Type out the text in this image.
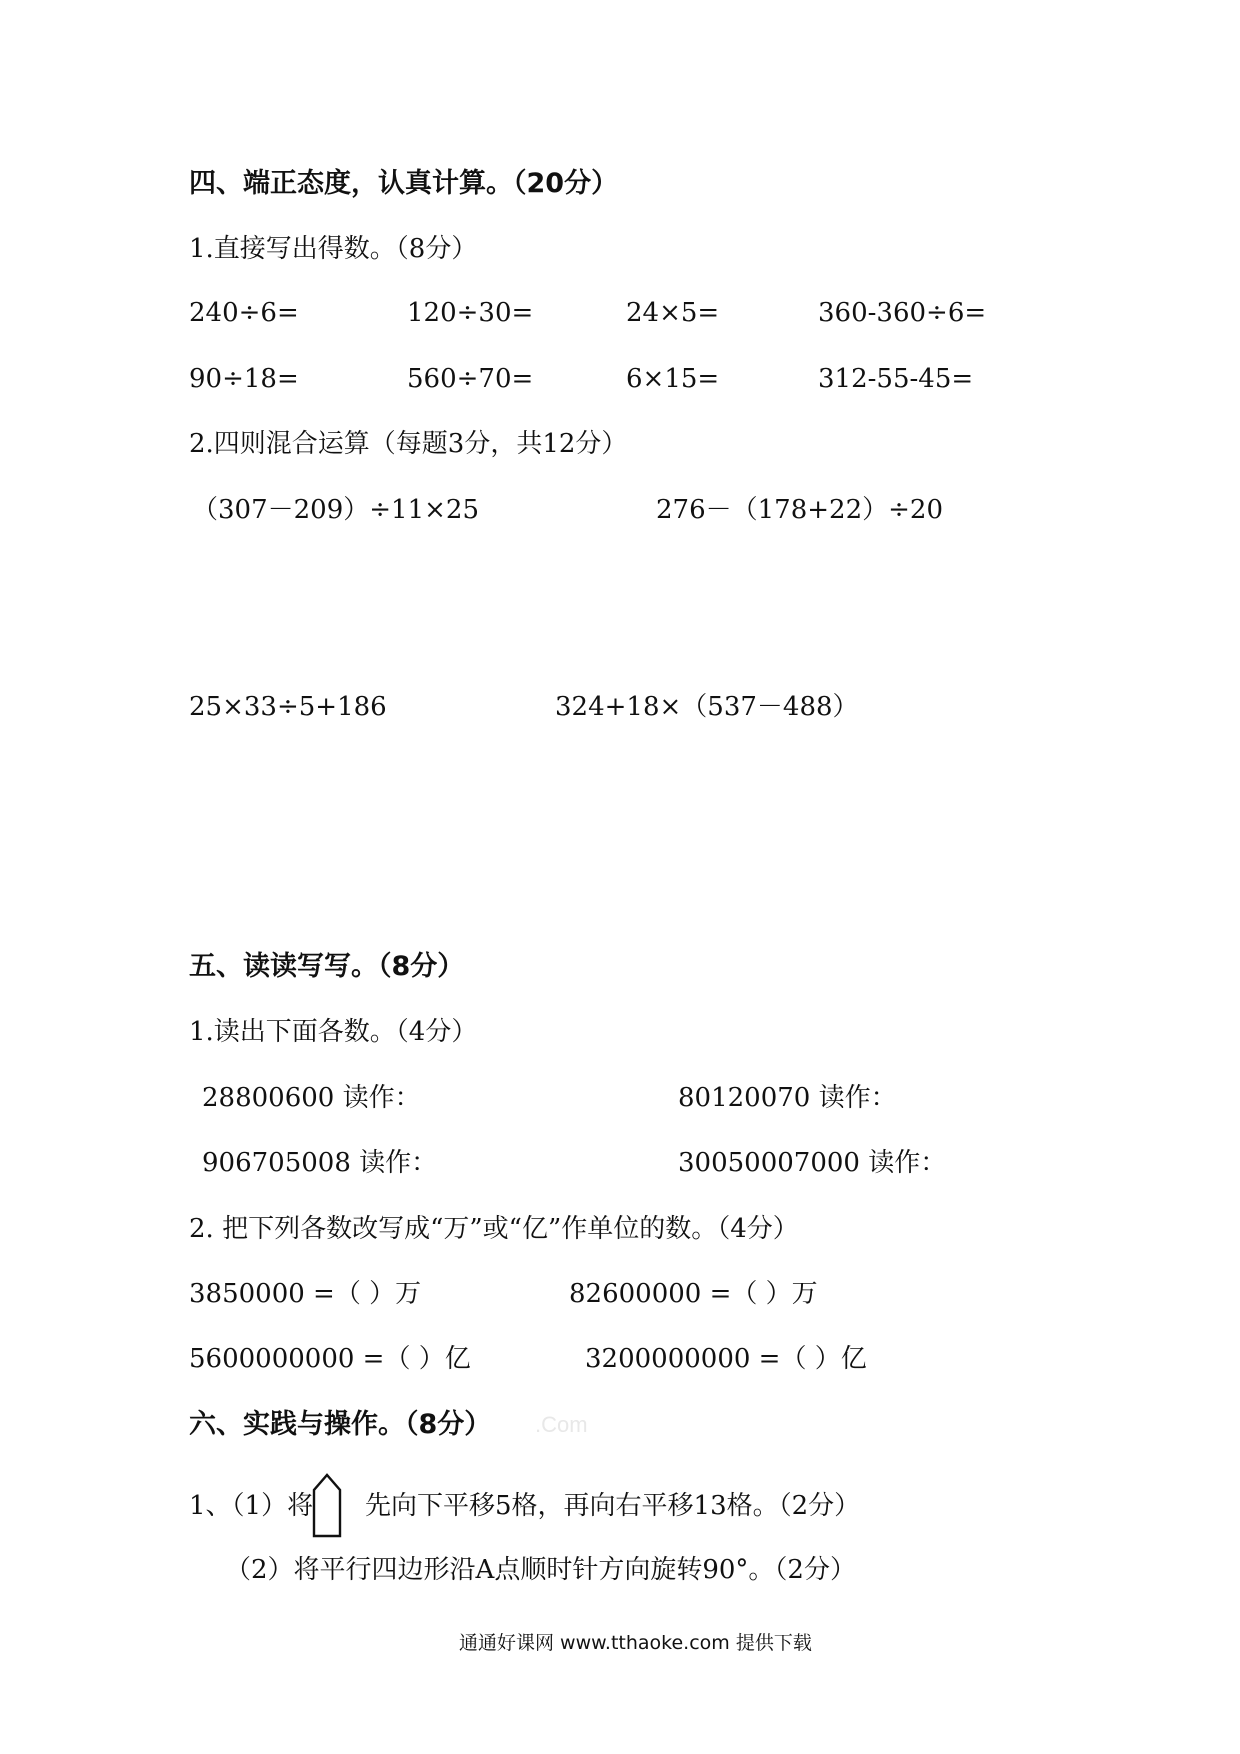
四、端正态度，认真计算。（20分）
1.直接写出得数。（8分）
240÷6=	120÷30=	24×5=	360-360÷6=
90÷18=	560÷70=	6×15=	312-55-45=
2.四则混合运算（每题3分，共12分）
（307－209）÷11×25	276－（178+22）÷20
25×33÷5+186	324+18×（537－488）
五、读读写写。（8分）
1.读出下面各数。（4分）
28800600 读作：	80120070 读作：
906705008 读作：	30050007000 读作：
2. 把下列各数改写成“万”或“亿”作单位的数。（4分）
3850000 =（ ）万	82600000 =（ ）万
5600000000 =（ ）亿	3200000000 =（ ）亿
六、实践与操作。（8分） .Com
1、（1）将 先向下平移5格，再向右平移13格。（2分）
（2）将平行四边形沿A点顺时针方向旋转90°。（2分）
通通好课网 www.tthaoke.com 提供下载
